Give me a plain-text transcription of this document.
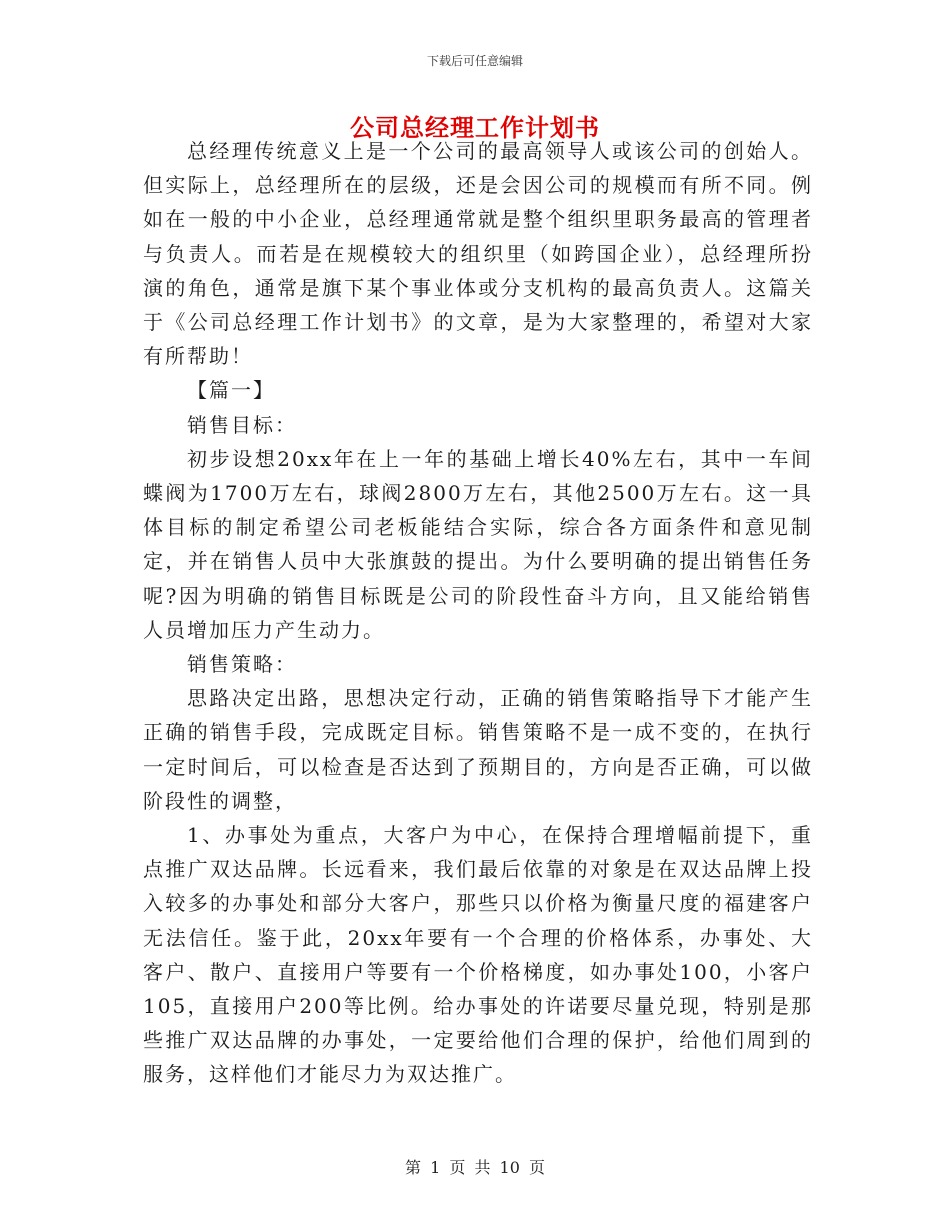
下载后可任意编辑
公司总经理工作计划书

总经理传统意义上是一个公司的最高领导人或该公司的创始人。但实际上，总经理所在的层级，还是会因公司的规模而有所不同。例如在一般的中小企业，总经理通常就是整个组织里职务最高的管理者与负责人。而若是在规模较大的组织里（如跨国企业），总经理所扮演的角色，通常是旗下某个事业体或分支机构的最高负责人。这篇关于《公司总经理工作计划书》的文章，是为大家整理的，希望对大家有所帮助！

【篇一】

销售目标：

初步设想20xx年在上一年的基础上增长40%左右，其中一车间蝶阀为1700万左右，球阀2800万左右，其他2500万左右。这一具体目标的制定希望公司老板能结合实际，综合各方面条件和意见制定，并在销售人员中大张旗鼓的提出。为什么要明确的提出销售任务呢?因为明确的销售目标既是公司的阶段性奋斗方向，且又能给销售人员增加压力产生动力。

销售策略：

思路决定出路，思想决定行动，正确的销售策略指导下才能产生正确的销售手段，完成既定目标。销售策略不是一成不变的，在执行一定时间后，可以检查是否达到了预期目的，方向是否正确，可以做阶段性的调整，

1、办事处为重点，大客户为中心，在保持合理增幅前提下，重点推广双达品牌。长远看来，我们最后依靠的对象是在双达品牌上投入较多的办事处和部分大客户，那些只以价格为衡量尺度的福建客户无法信任。鉴于此，20xx年要有一个合理的价格体系，办事处、大客户、散户、直接用户等要有一个价格梯度，如办事处100，小客户105，直接用户200等比例。给办事处的许诺要尽量兑现，特别是那些推广双达品牌的办事处，一定要给他们合理的保护，给他们周到的服务，这样他们才能尽力为双达推广。

第 1 页 共 10 页
